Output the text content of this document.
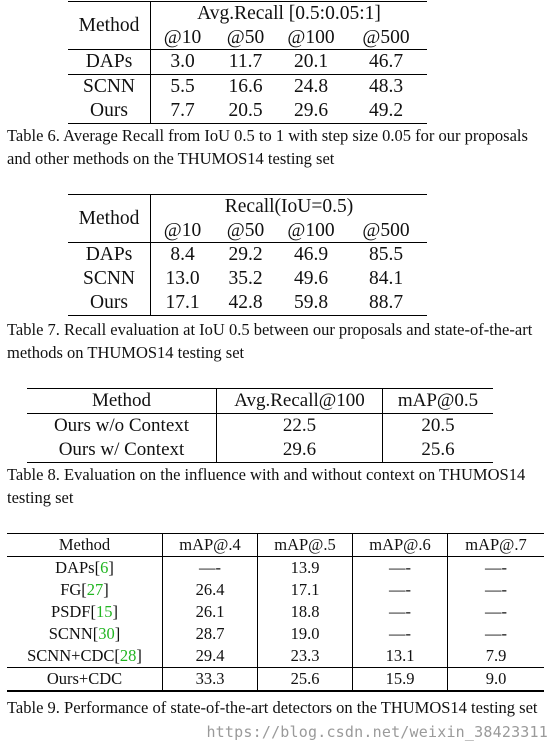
Method	Avg.Recall [0.5:0.05:1]			
	@10	@50	@100	@500
DAPs	3.0	11.7	20.1	46.7
SCNN	5.5	16.6	24.8	48.3
Ours	7.7	20.5	29.6	49.2
Table 6. Average Recall from IoU 0.5 to 1 with step size 0.05 for our proposals and other methods on the THUMOS14 testing set
Method	Recall(IoU=0.5)			
	@10	@50	@100	@500
DAPs	8.4	29.2	46.9	85.5
SCNN	13.0	35.2	49.6	84.1
Ours	17.1	42.8	59.8	88.7
Table 7. Recall evaluation at IoU 0.5 between our proposals and state-of-the-art methods on THUMOS14 testing set
Method	Avg.Recall@100	mAP@0.5
Ours w/o Context	22.5	20.5
Ours w/ Context	29.6	25.6
Table 8. Evaluation on the influence with and without context on THUMOS14 testing set
Method	mAP@.4	mAP@.5	mAP@.6	mAP@.7
DAPs[6]	—-	13.9	—-	—-
FG[27]	26.4	17.1	—-	—-
PSDF[15]	26.1	18.8	—-	—-
SCNN[30]	28.7	19.0	—-	—-
SCNN+CDC[28]	29.4	23.3	13.1	7.9
Ours+CDC	33.3	25.6	15.9	9.0
Table 9. Performance of state-of-the-art detectors on the THUMOS14 testing set
https://blog.csdn.net/weixin_38423311
